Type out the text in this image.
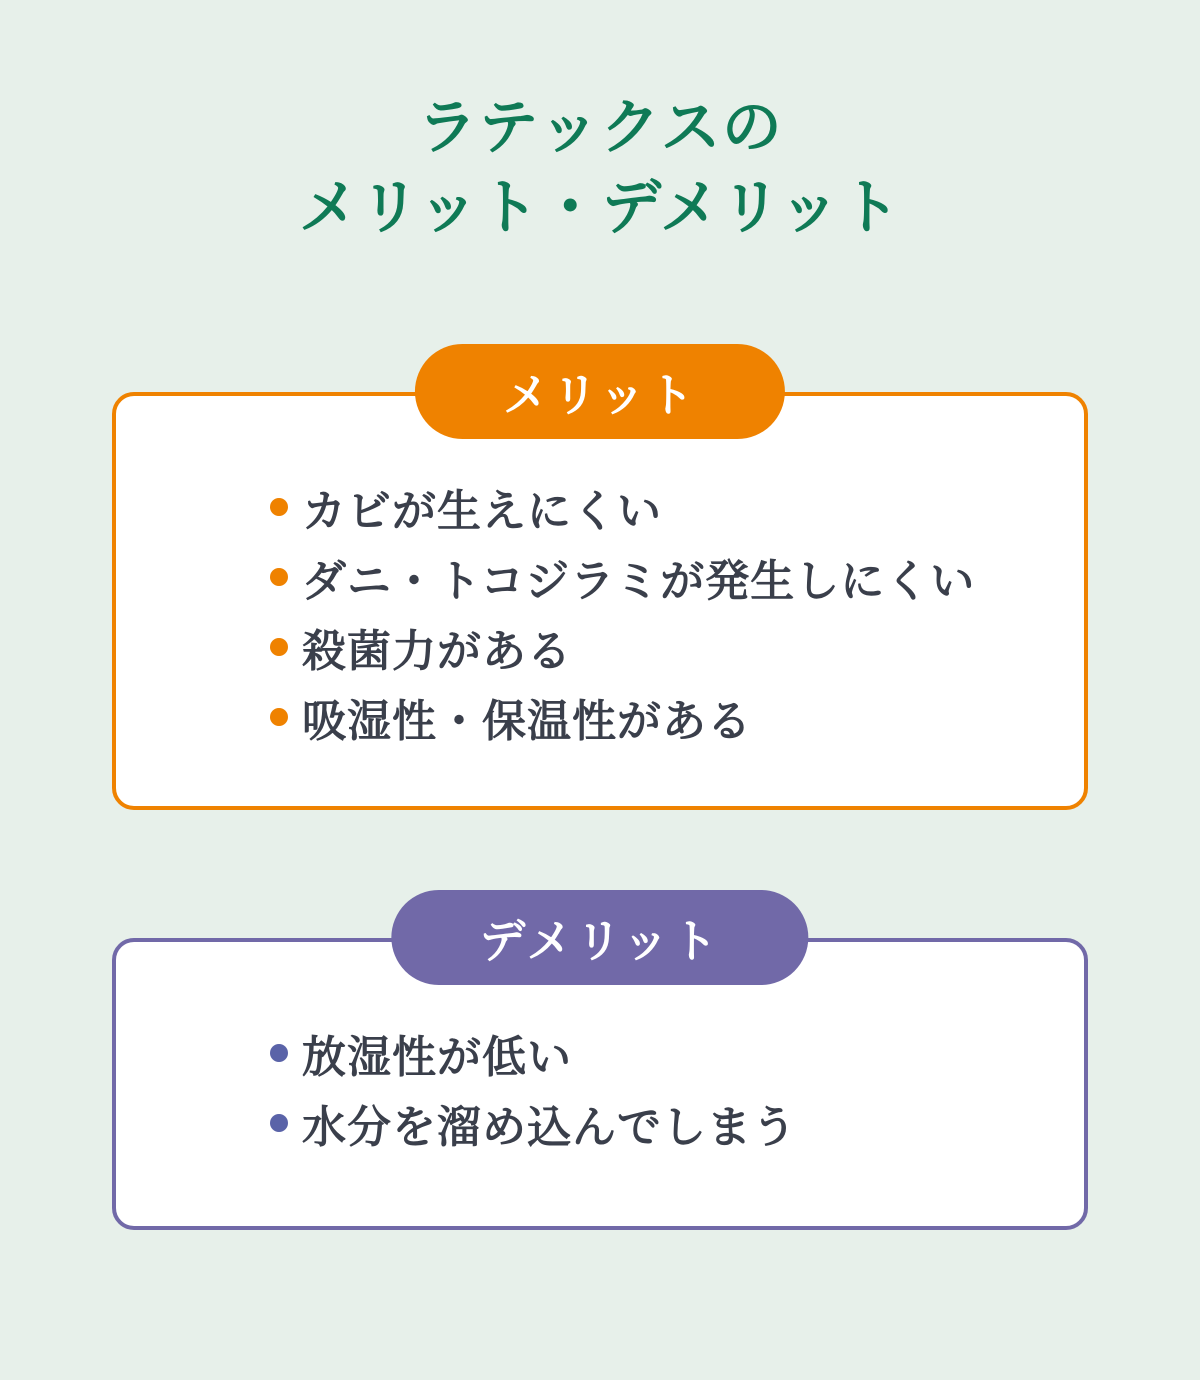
ラテックスの
メリット・デメリット
メリット
カビが生えにくい
ダニ・トコジラミが発生しにくい
殺菌力がある
吸湿性・保温性がある
デメリット
放湿性が低い
水分を溜め込んでしまう
